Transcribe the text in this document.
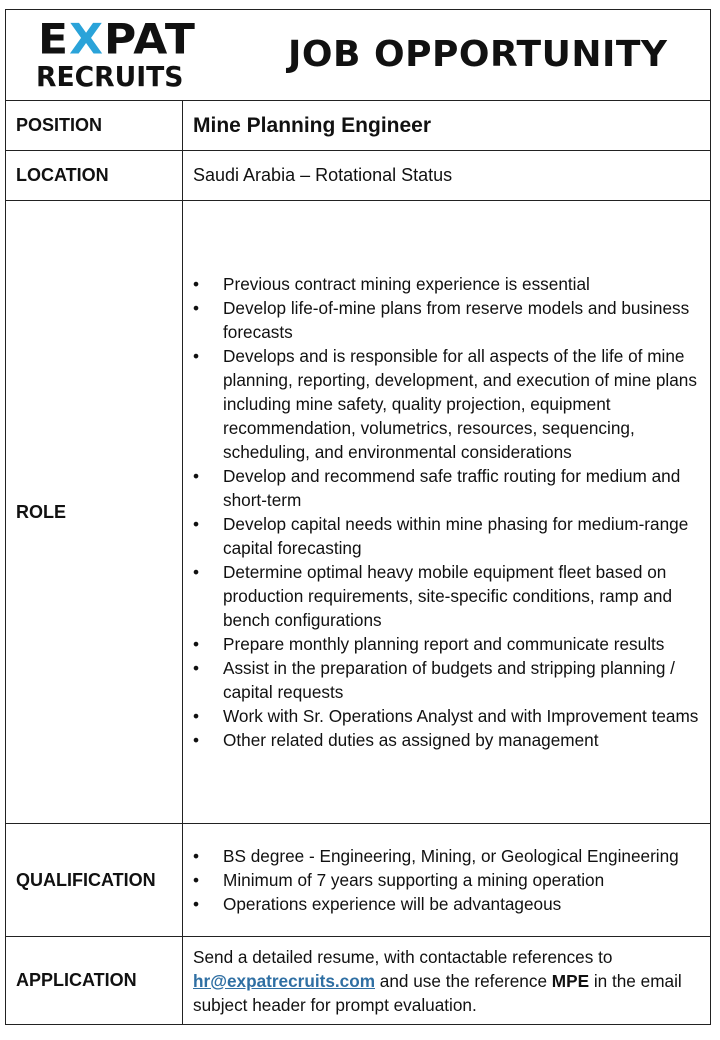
EXPAT
RECRUITS
JOB OPPORTUNITY
POSITION	Mine Planning Engineer
LOCATION	Saudi Arabia – Rotational Status
ROLE
• Previous contract mining experience is essential
• Develop life-of-mine plans from reserve models and business forecasts
• Develops and is responsible for all aspects of the life of mine planning, reporting, development, and execution of mine plans including mine safety, quality projection, equipment recommendation, volumetrics, resources, sequencing, scheduling, and environmental considerations
• Develop and recommend safe traffic routing for medium and short-term
• Develop capital needs within mine phasing for medium-range capital forecasting
• Determine optimal heavy mobile equipment fleet based on production requirements, site-specific conditions, ramp and bench configurations
• Prepare monthly planning report and communicate results
• Assist in the preparation of budgets and stripping planning / capital requests
• Work with Sr. Operations Analyst and with Improvement teams
• Other related duties as assigned by management
QUALIFICATION
• BS degree - Engineering, Mining, or Geological Engineering
• Minimum of 7 years supporting a mining operation
• Operations experience will be advantageous
APPLICATION
Send a detailed resume, with contactable references to hr@expatrecruits.com and use the reference MPE in the email subject header for prompt evaluation.
